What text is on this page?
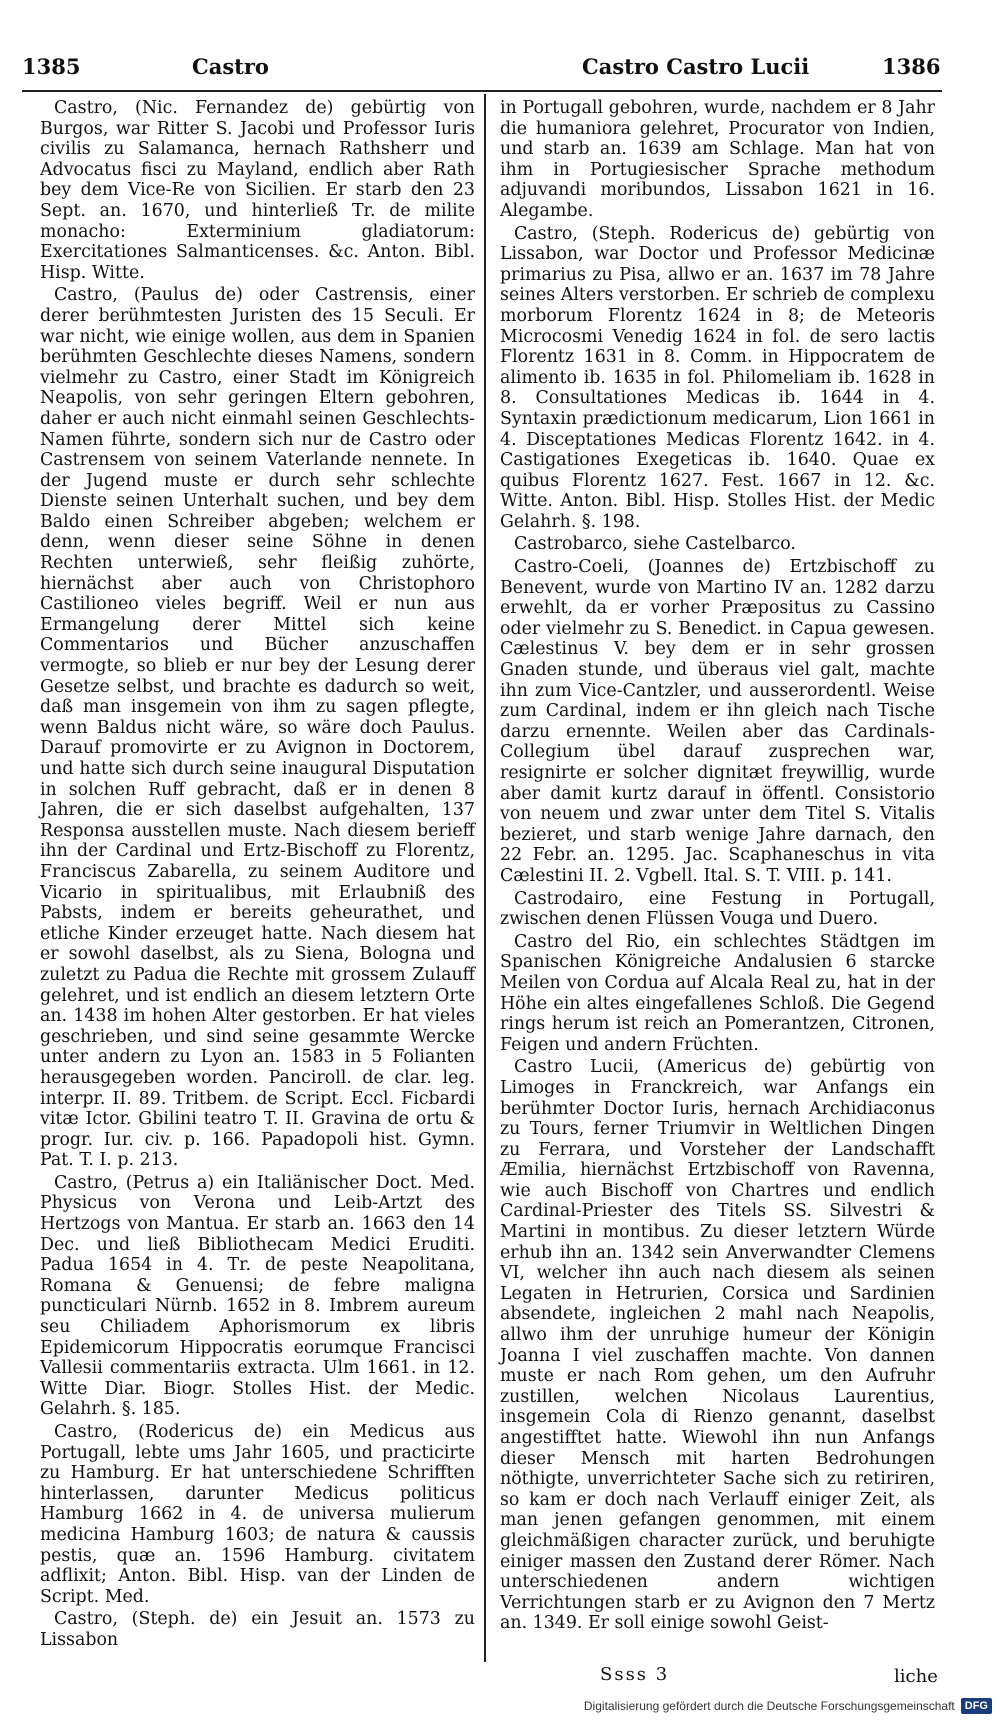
1385	Castro	Castro Castro Lucii	1386

Castro, (Nic. Fernandez de) gebürtig von Burgos, war Ritter S. Jacobi und Professor Iuris civilis zu Salamanca, hernach Rathsherr und Advocatus fisci zu Mayland, endlich aber Rath bey dem Vice-Re von Sicilien. Er starb den 23 Sept. an. 1670, und hinterließ Tr. de milite monacho: Exterminium gladiatorum: Exercitationes Salmanticenses. &c. Anton. Bibl. Hisp. Witte.

Castro, (Paulus de) oder Castrensis, einer derer berühmtesten Juristen des 15 Seculi. Er war nicht, wie einige wollen, aus dem in Spanien berühmten Geschlechte dieses Namens, sondern vielmehr zu Castro, einer Stadt im Königreich Neapolis, von sehr geringen Eltern gebohren, daher er auch nicht einmahl seinen Geschlechts-Namen führte, sondern sich nur de Castro oder Castrensem von seinem Vaterlande nennete. In der Jugend muste er durch sehr schlechte Dienste seinen Unterhalt suchen, und bey dem Baldo einen Schreiber abgeben; welchem er denn, wenn dieser seine Söhne in denen Rechten unterwieß, sehr fleißig zuhörte, hiernächst aber auch von Christophoro Castilioneo vieles begriff. Weil er nun aus Ermangelung derer Mittel sich keine Commentarios und Bücher anzuschaffen vermogte, so blieb er nur bey der Lesung derer Gesetze selbst, und brachte es dadurch so weit, daß man insgemein von ihm zu sagen pflegte, wenn Baldus nicht wäre, so wäre doch Paulus. Darauf promovirte er zu Avignon in Doctorem, und hatte sich durch seine inaugural Disputation in solchen Ruff gebracht, daß er in denen 8 Jahren, die er sich daselbst aufgehalten, 137 Responsa ausstellen muste. Nach diesem berieff ihn der Cardinal und Ertz-Bischoff zu Florentz, Franciscus Zabarella, zu seinem Auditore und Vicario in spiritualibus, mit Erlaubniß des Pabsts, indem er bereits geheurathet, und etliche Kinder erzeuget hatte. Nach diesem hat er sowohl daselbst, als zu Siena, Bologna und zuletzt zu Padua die Rechte mit grossem Zulauff gelehret, und ist endlich an diesem letztern Orte an. 1438 im hohen Alter gestorben. Er hat vieles geschrieben, und sind seine gesammte Wercke unter andern zu Lyon an. 1583 in 5 Folianten herausgegeben worden. Panciroll. de clar. leg. interpr. II. 89. Tritbem. de Script. Eccl. Ficbardi vitæ Ictor. Gbilini teatro T. II. Gravina de ortu & progr. Iur. civ. p. 166. Papadopoli hist. Gymn. Pat. T. I. p. 213.

Castro, (Petrus a) ein Italiänischer Doct. Med. Physicus von Verona und Leib-Artzt des Hertzogs von Mantua. Er starb an. 1663 den 14 Dec. und ließ Bibliothecam Medici Eruditi. Padua 1654 in 4. Tr. de peste Neapolitana, Romana & Genuensi; de febre maligna puncticulari Nürnb. 1652 in 8. Imbrem aureum seu Chiliadem Aphorismorum ex libris Epidemicorum Hippocratis eorumque Francisci Vallesii commentariis extracta. Ulm 1661. in 12. Witte Diar. Biogr. Stolles Hist. der Medic. Gelahrh. §. 185.

Castro, (Rodericus de) ein Medicus aus Portugall, lebte ums Jahr 1605, und practicirte zu Hamburg. Er hat unterschiedene Schrifften hinterlassen, darunter Medicus politicus Hamburg 1662 in 4. de universa mulierum medicina Hamburg 1603; de natura & caussis pestis, quæ an. 1596 Hamburg. civitatem adflixit; Anton. Bibl. Hisp. van der Linden de Script. Med.

Castro, (Steph. de) ein Jesuit an. 1573 zu Lissabon

in Portugall gebohren, wurde, nachdem er 8 Jahr die humaniora gelehret, Procurator von Indien, und starb an. 1639 am Schlage. Man hat von ihm in Portugiesischer Sprache methodum adjuvandi moribundos, Lissabon 1621 in 16. Alegambe.

Castro, (Steph. Rodericus de) gebürtig von Lissabon, war Doctor und Professor Medicinæ primarius zu Pisa, allwo er an. 1637 im 78 Jahre seines Alters verstorben. Er schrieb de complexu morborum Florentz 1624 in 8; de Meteoris Microcosmi Venedig 1624 in fol. de sero lactis Florentz 1631 in 8. Comm. in Hippocratem de alimento ib. 1635 in fol. Philomeliam ib. 1628 in 8. Consultationes Medicas ib. 1644 in 4. Syntaxin prædictionum medicarum, Lion 1661 in 4. Disceptationes Medicas Florentz 1642. in 4. Castigationes Exegeticas ib. 1640. Quae ex quibus Florentz 1627. Fest. 1667 in 12. &c. Witte. Anton. Bibl. Hisp. Stolles Hist. der Medic Gelahrh. §. 198.

Castrobarco, siehe Castelbarco.

Castro-Coeli, (Joannes de) Ertzbischoff zu Benevent, wurde von Martino IV an. 1282 darzu erwehlt, da er vorher Præpositus zu Cassino oder vielmehr zu S. Benedict. in Capua gewesen. Cælestinus V. bey dem er in sehr grossen Gnaden stunde, und überaus viel galt, machte ihn zum Vice-Cantzler, und ausserordentl. Weise zum Cardinal, indem er ihn gleich nach Tische darzu ernennte. Weilen aber das Cardinals-Collegium übel darauf zusprechen war, resignirte er solcher dignitæt freywillig, wurde aber damit kurtz darauf in öffentl. Consistorio von neuem und zwar unter dem Titel S. Vitalis bezieret, und starb wenige Jahre darnach, den 22 Febr. an. 1295. Jac. Scaphaneschus in vita Cælestini II. 2. Vgbell. Ital. S. T. VIII. p. 141.

Castrodairo, eine Festung in Portugall, zwischen denen Flüssen Vouga und Duero.

Castro del Rio, ein schlechtes Städtgen im Spanischen Königreiche Andalusien 6 starcke Meilen von Cordua auf Alcala Real zu, hat in der Höhe ein altes eingefallenes Schloß. Die Gegend rings herum ist reich an Pomerantzen, Citronen, Feigen und andern Früchten.

Castro Lucii, (Americus de) gebürtig von Limoges in Franckreich, war Anfangs ein berühmter Doctor Iuris, hernach Archidiaconus zu Tours, ferner Triumvir in Weltlichen Dingen zu Ferrara, und Vorsteher der Landschafft Æmilia, hiernächst Ertzbischoff von Ravenna, wie auch Bischoff von Chartres und endlich Cardinal-Priester des Titels SS. Silvestri & Martini in montibus. Zu dieser letztern Würde erhub ihn an. 1342 sein Anverwandter Clemens VI, welcher ihn auch nach diesem als seinen Legaten in Hetrurien, Corsica und Sardinien absendete, ingleichen 2 mahl nach Neapolis, allwo ihm der unruhige humeur der Königin Joanna I viel zuschaffen machte. Von dannen muste er nach Rom gehen, um den Aufruhr zustillen, welchen Nicolaus Laurentius, insgemein Cola di Rienzo genannt, daselbst angestifftet hatte. Wiewohl ihn nun Anfangs dieser Mensch mit harten Bedrohungen nöthigte, unverrichteter Sache sich zu retiriren, so kam er doch nach Verlauff einiger Zeit, als man jenen gefangen genommen, mit einem gleichmäßigen character zurück, und beruhigte einiger massen den Zustand derer Römer. Nach unterschiedenen andern wichtigen Verrichtungen starb er zu Avignon den 7 Mertz an. 1349. Er soll einige sowohl Geist-

Ssss 3	liche
Digitalisierung gefördert durch die Deutsche Forschungsgemeinschaft DFG
